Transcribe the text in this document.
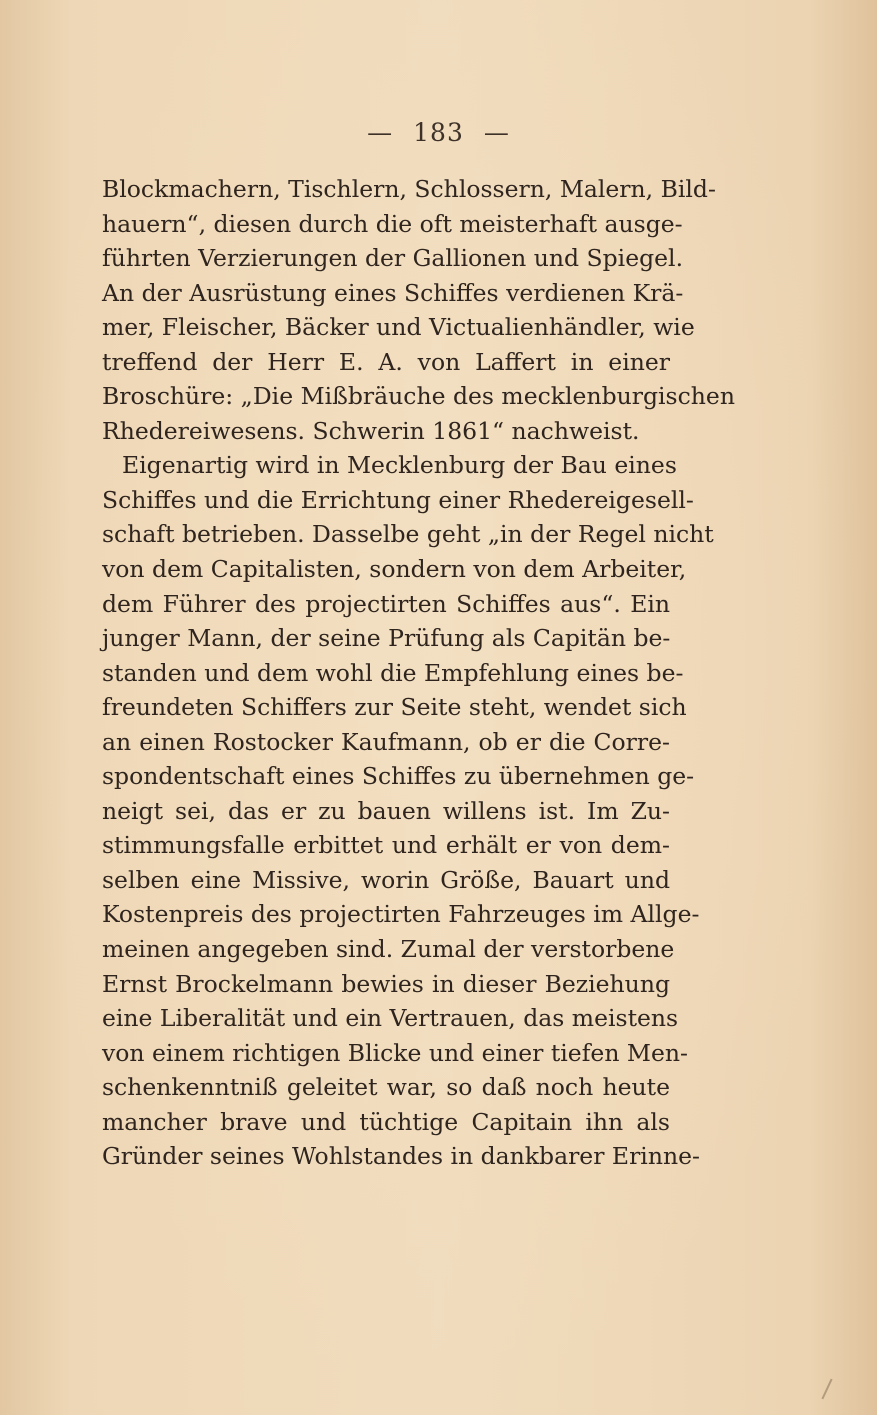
— 183 —
Blockmachern, Tischlern, Schlossern, Malern, Bild-
hauern“, diesen durch die oft meisterhaft ausge-
führten Verzierungen der Gallionen und Spiegel.
An der Ausrüstung eines Schiffes verdienen Krä-
mer, Fleischer, Bäcker und Victualienhändler, wie
treffend der Herr E. A. von Laffert in einer
Broschüre: „Die Mißbräuche des mecklenburgischen
Rhedereiwesens. Schwerin 1861“ nachweist.
Eigenartig wird in Mecklenburg der Bau eines
Schiffes und die Errichtung einer Rhedereigesell-
schaft betrieben. Dasselbe geht „in der Regel nicht
von dem Capitalisten, sondern von dem Arbeiter,
dem Führer des projectirten Schiffes aus“. Ein
junger Mann, der seine Prüfung als Capitän be-
standen und dem wohl die Empfehlung eines be-
freundeten Schiffers zur Seite steht, wendet sich
an einen Rostocker Kaufmann, ob er die Corre-
spondentschaft eines Schiffes zu übernehmen ge-
neigt sei, das er zu bauen willens ist. Im Zu-
stimmungsfalle erbittet und erhält er von dem-
selben eine Missive, worin Größe, Bauart und
Kostenpreis des projectirten Fahrzeuges im Allge-
meinen angegeben sind. Zumal der verstorbene
Ernst Brockelmann bewies in dieser Beziehung
eine Liberalität und ein Vertrauen, das meistens
von einem richtigen Blicke und einer tiefen Men-
schenkenntniß geleitet war, so daß noch heute
mancher brave und tüchtige Capitain ihn als
Gründer seines Wohlstandes in dankbarer Erinne-
